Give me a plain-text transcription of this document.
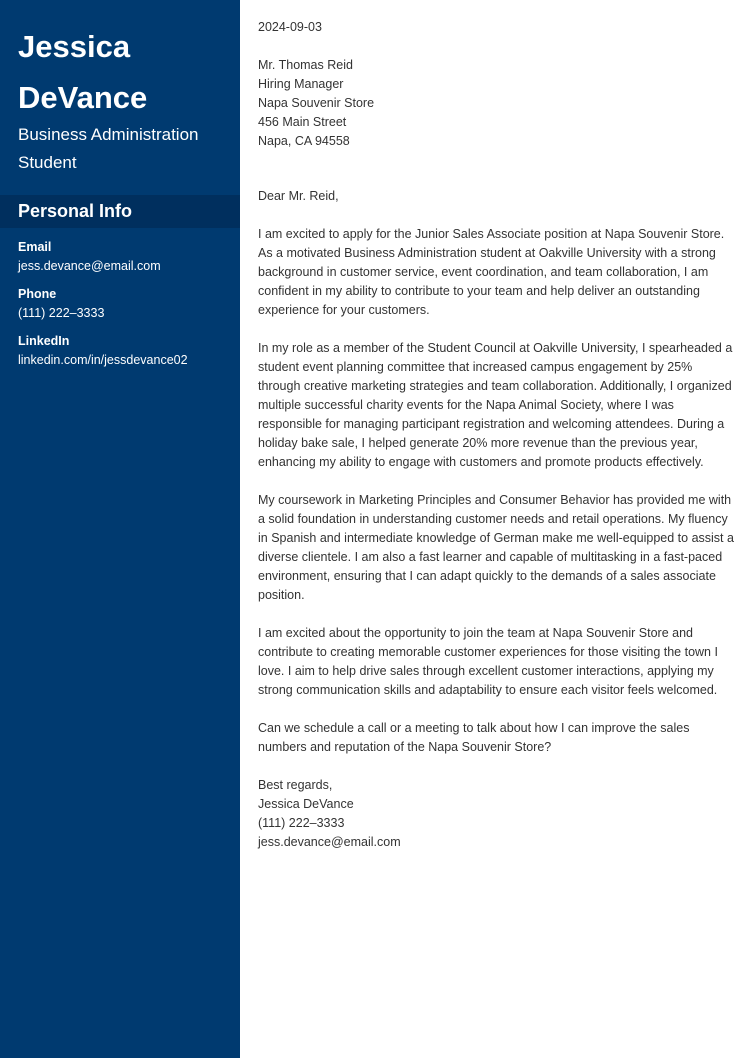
Jessica
DeVance

Business Administration Student

Personal Info
Email
jess.devance@email.com
Phone
(111) 222–3333
LinkedIn
linkedin.com/in/jessdevance02

2024-09-03

Mr. Thomas Reid
Hiring Manager
Napa Souvenir Store
456 Main Street
Napa, CA 94558

Dear Mr. Reid,

I am excited to apply for the Junior Sales Associate position at Napa Souvenir Store. As a motivated Business Administration student at Oakville University with a strong background in customer service, event coordination, and team collaboration, I am confident in my ability to contribute to your team and help deliver an outstanding experience for your customers.

In my role as a member of the Student Council at Oakville University, I spearheaded a student event planning committee that increased campus engagement by 25% through creative marketing strategies and team collaboration. Additionally, I organized multiple successful charity events for the Napa Animal Society, where I was responsible for managing participant registration and welcoming attendees. During a holiday bake sale, I helped generate 20% more revenue than the previous year, enhancing my ability to engage with customers and promote products effectively.

My coursework in Marketing Principles and Consumer Behavior has provided me with a solid foundation in understanding customer needs and retail operations. My fluency in Spanish and intermediate knowledge of German make me well-equipped to assist a diverse clientele. I am also a fast learner and capable of multitasking in a fast-paced environment, ensuring that I can adapt quickly to the demands of a sales associate position.

I am excited about the opportunity to join the team at Napa Souvenir Store and contribute to creating memorable customer experiences for those visiting the town I love. I aim to help drive sales through excellent customer interactions, applying my strong communication skills and adaptability to ensure each visitor feels welcomed.

Can we schedule a call or a meeting to talk about how I can improve the sales numbers and reputation of the Napa Souvenir Store?

Best regards,
Jessica DeVance
(111) 222–3333
jess.devance@email.com
